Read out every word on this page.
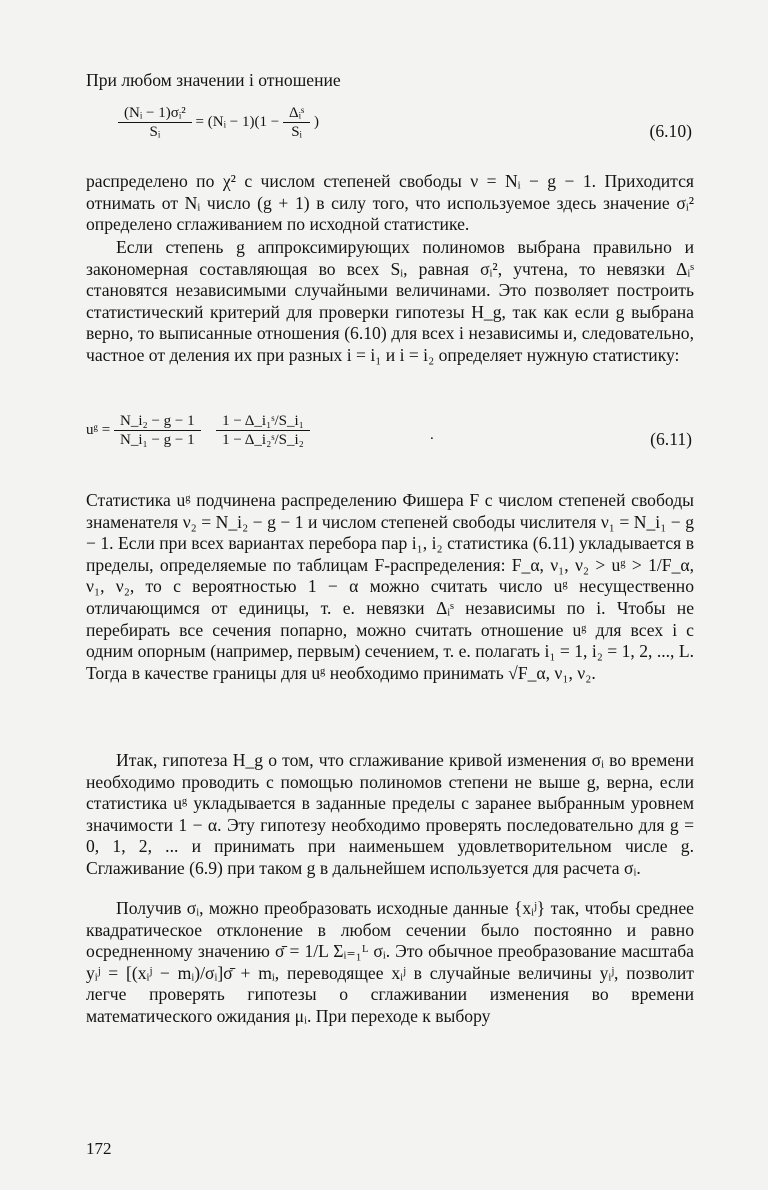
При любом значении i отношение

$\frac{\text{(Nᵢ − 1)σᵢ²}}{\text{Sᵢ}}$ = (Nᵢ − $1)(1 - \frac{\text{Δᵢˢ}}{\text{Sᵢ}}$ )	(6.10)

распределено по χ² с числом степеней свободы ν = Nᵢ − g − 1. Приходится отнимать от Nᵢ число (g + 1) в силу того, что используемое здесь значение σᵢ² определено сглаживанием по исходной статистике.

Если степень g аппроксимирующих полиномов выбрана правильно и закономерная составляющая во всех Sᵢ, равная σᵢ², учтена, то невязки Δᵢˢ становятся независимыми случайными величинами. Это позволяет построить статистический критерий для проверки гипотезы H_g, так как если g выбрана верно, то выписанные отношения (6.10) для всех i независимы и, следовательно, частное от деления их при разных i = i₁ и i = i₂ определяет нужную статистику:

uᵍ = $\frac{\text{N\_i₂ − g − 1}}{\text{N\_i₁ − g − 1}}$
$\frac{\text{1 − Δ\_i₁ˢ/S\_i₁}}{\text{1 − Δ\_i₂ˢ/S\_i₂}}$	.	(6.11)

Статистика uᵍ подчинена распределению Фишера F с числом степеней свободы знаменателя ν₂ = N_i₂ − g − 1 и числом степеней свободы числителя ν₁ = N_i₁ − g − 1. Если при всех вариантах перебора пар i₁, i₂ статистика (6.11) укладывается в пределы, определяемые по таблицам F-распределения: F_α, ν₁, ν₂ > uᵍ > 1/F_α, ν₁, ν₂, то с вероятностью 1 − α можно считать число uᵍ несущественно отличающимся от единицы, т. е. невязки Δᵢˢ независимы по i. Чтобы не перебирать все сечения попарно, можно считать отношение uᵍ для всех i с одним опорным (например, первым) сечением, т. е. полагать i₁ = 1, i₂ = 1, 2, ..., L. Тогда в качестве границы для uᵍ необходимо принимать √F_α, ν₁, ν₂.

Итак, гипотеза H_g о том, что сглаживание кривой изменения σᵢ во времени необходимо проводить с помощью полиномов степени не выше g, верна, если статистика uᵍ укладывается в заданные пределы с заранее выбранным уровнем значимости 1 − α. Эту гипотезу необходимо проверять последовательно для g = 0, 1, 2, ... и принимать при наименьшем удовлетворительном числе g. Сглаживание (6.9) при таком g в дальнейшем используется для расчета σᵢ.

Получив σᵢ, можно преобразовать исходные данные {xᵢʲ} так, чтобы среднее квадратическое отклонение в любом сечении было постоянно и равно осредненному значению σ̄ = 1/L Σᵢ₌₁ᴸ σᵢ. Это обычное преобразование масштаба yᵢʲ = [(xᵢʲ − mᵢ)/σᵢ]σ̄ + mᵢ, переводящее xᵢʲ в случайные величины yᵢʲ, позволит легче проверять гипотезы о сглаживании изменения во времени математического ожидания μᵢ. При переходе к выбору

172
